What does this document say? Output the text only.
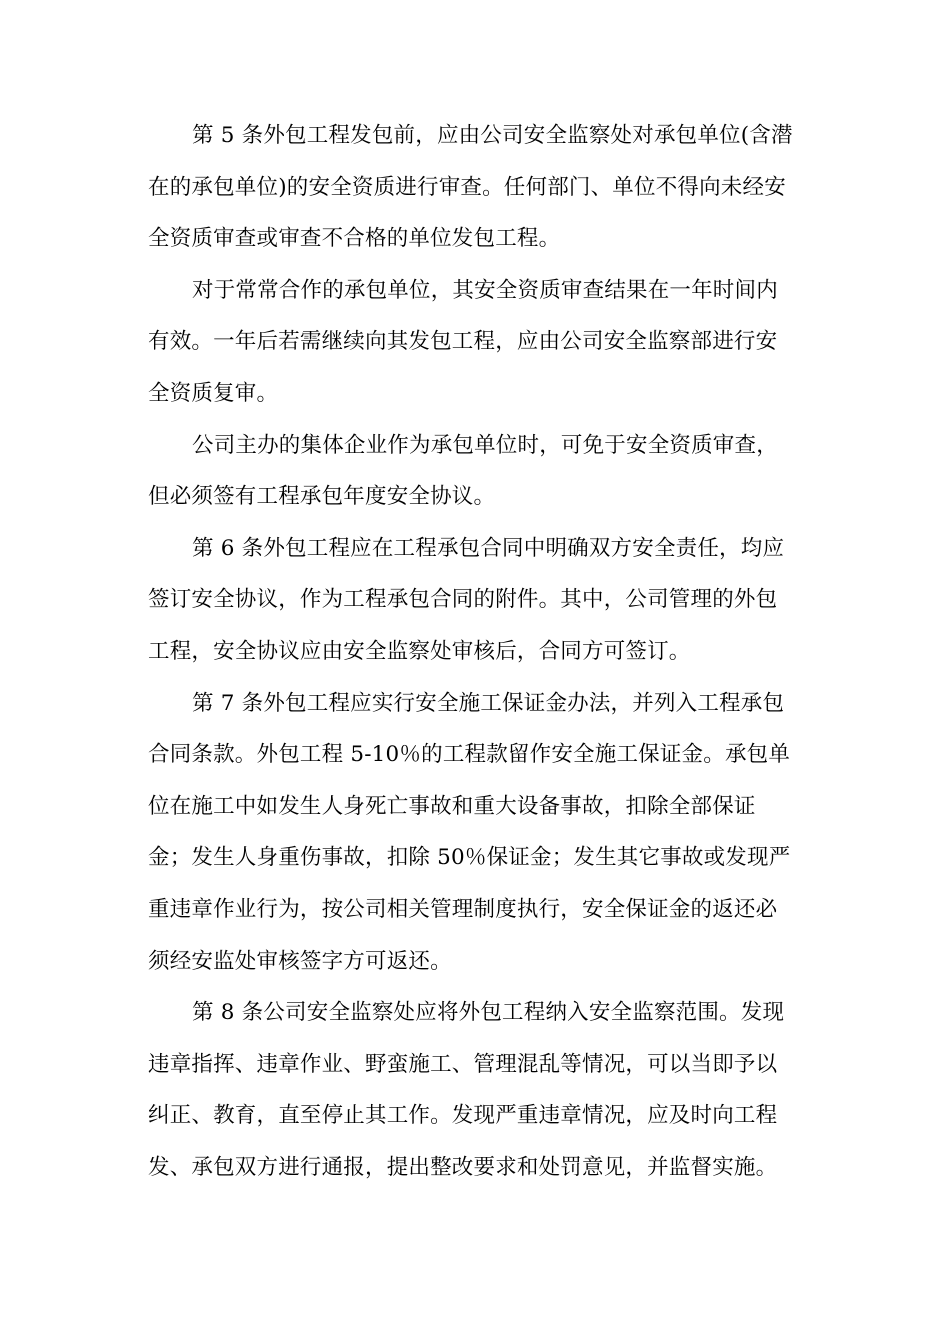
第 5 条外包工程发包前，应由公司安全监察处对承包单位(含潜
在的承包单位)的安全资质进行审查。任何部门、单位不得向未经安
全资质审查或审查不合格的单位发包工程。
对于常常合作的承包单位，其安全资质审查结果在一年时间内
有效。一年后若需继续向其发包工程，应由公司安全监察部进行安
全资质复审。
公司主办的集体企业作为承包单位时，可免于安全资质审查，
但必须签有工程承包年度安全协议。
第 6 条外包工程应在工程承包合同中明确双方安全责任，均应
签订安全协议，作为工程承包合同的附件。其中，公司管理的外包
工程，安全协议应由安全监察处审核后，合同方可签订。
第 7 条外包工程应实行安全施工保证金办法，并列入工程承包
合同条款。外包工程 5-10％的工程款留作安全施工保证金。承包单
位在施工中如发生人身死亡事故和重大设备事故，扣除全部保证
金；发生人身重伤事故，扣除 50％保证金；发生其它事故或发现严
重违章作业行为，按公司相关管理制度执行，安全保证金的返还必
须经安监处审核签字方可返还。
第 8 条公司安全监察处应将外包工程纳入安全监察范围。发现
违章指挥、违章作业、野蛮施工、管理混乱等情况，可以当即予以
纠正、教育，直至停止其工作。发现严重违章情况，应及时向工程
发、承包双方进行通报，提出整改要求和处罚意见，并监督实施。
